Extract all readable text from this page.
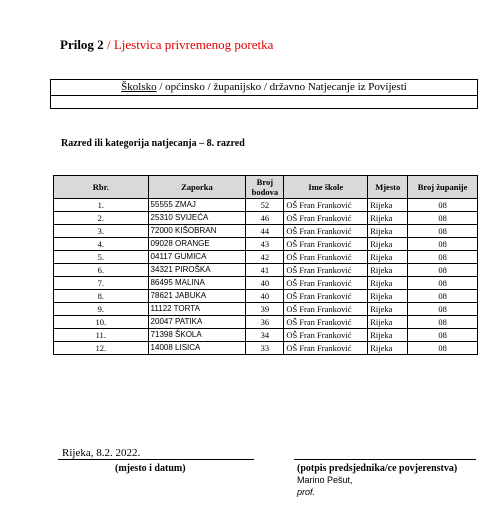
Prilog 2 / Ljestvica privremenog poretka
Školsko / općinsko / županijsko / državno Natjecanje iz Povijesti
Razred ili kategorija natjecanja – 8. razred
Rbr.	Zaporka	Broj bodova	Ime škole	Mjesto	Broj županije
1.	55555 ZMAJ	52	OŠ Fran Franković	Rijeka	08
2.	25310 SVIJEĆA	46	OŠ Fran Franković	Rijeka	08
3.	72000 KIŠOBRAN	44	OŠ Fran Franković	Rijeka	08
4.	09028 ORANGE	43	OŠ Fran Franković	Rijeka	08
5.	04117 GUMICA	42	OŠ Fran Franković	Rijeka	08
6.	34321 PIROŠKA	41	OŠ Fran Franković	Rijeka	08
7.	86495 MALINA	40	OŠ Fran Franković	Rijeka	08
8.	78621 JABUKA	40	OŠ Fran Franković	Rijeka	08
9.	11122 TORTA	39	OŠ Fran Franković	Rijeka	08
10.	20047 PATIKA	36	OŠ Fran Franković	Rijeka	08
11.	71398 ŠKOLA	34	OŠ Fran Franković	Rijeka	08
12.	14008 LISICA	33	OŠ Fran Franković	Rijeka	08
Rijeka, 8.2. 2022.
(mjesto i datum)	(potpis predsjednika/ce povjerenstva)
Marino Pešut,
prof.
